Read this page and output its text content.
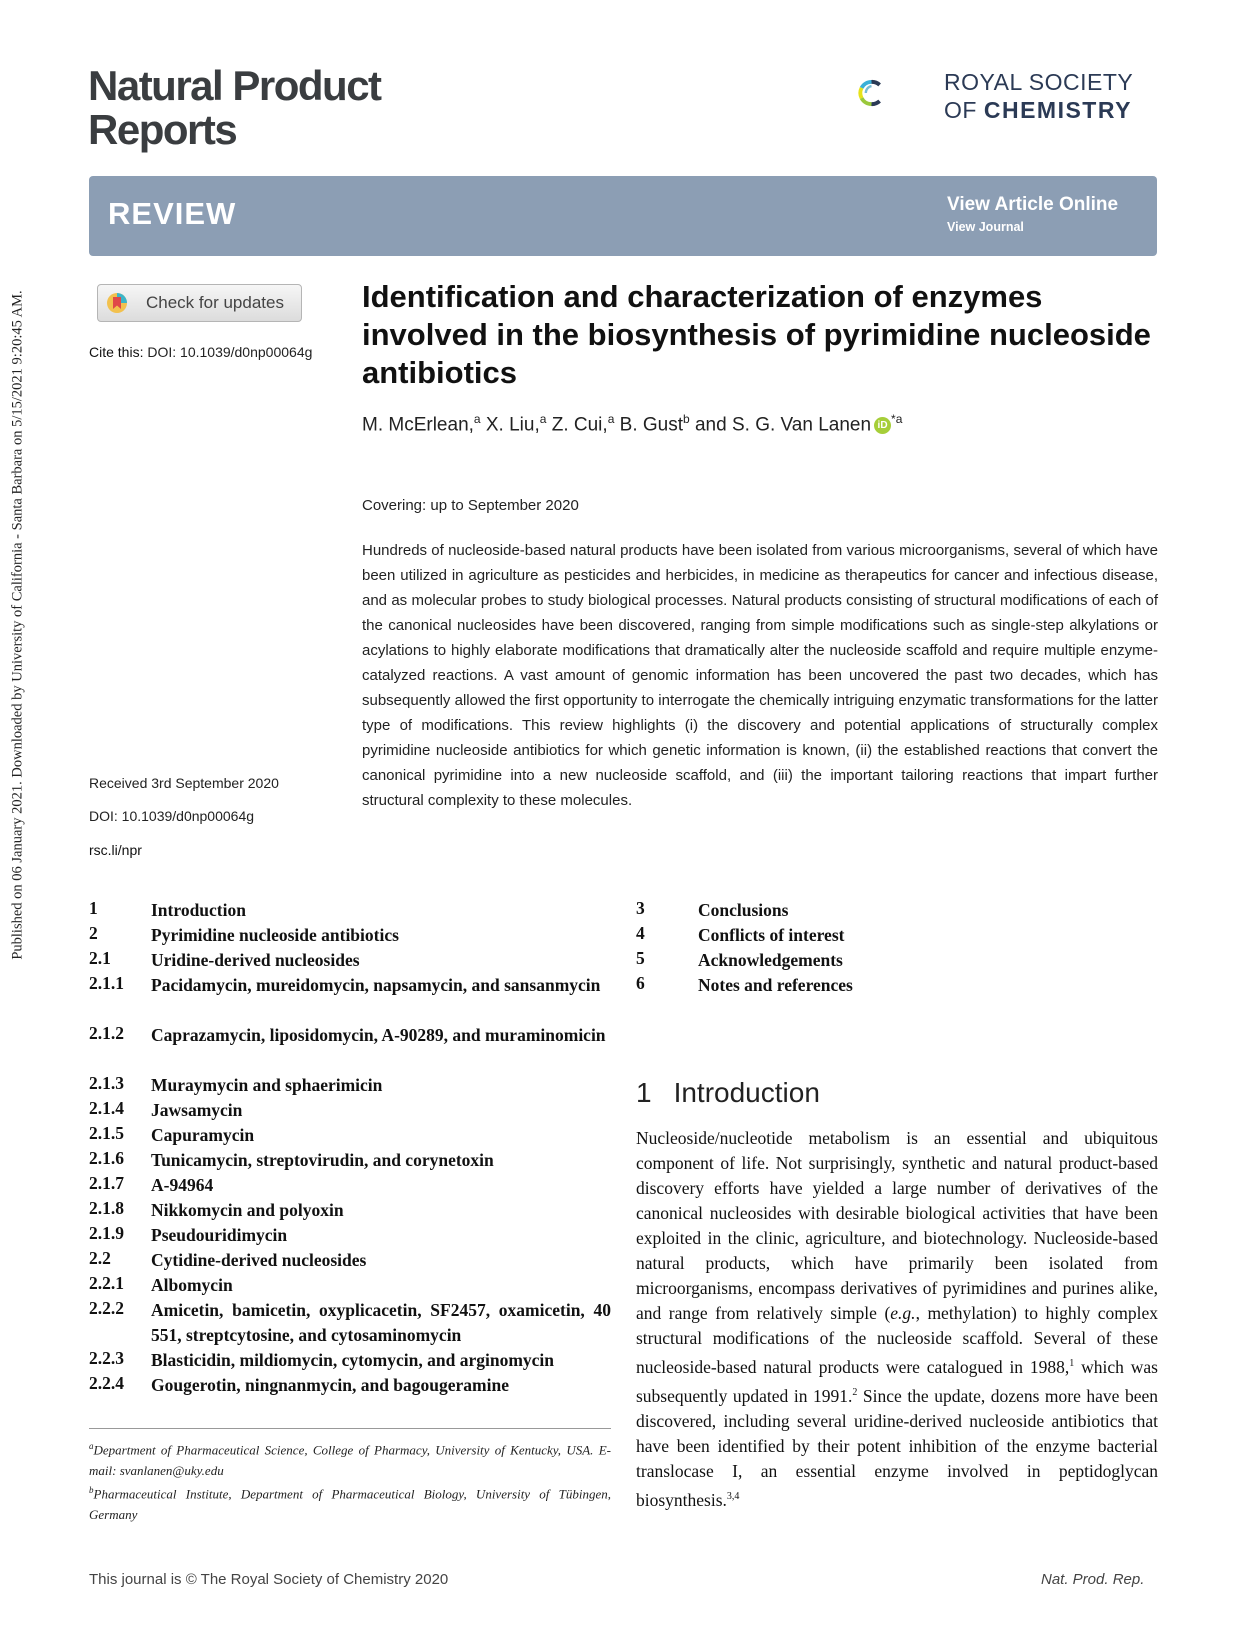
Published on 06 January 2021. Downloaded by University of California - Santa Barbara on 5/15/2021 9:20:45 AM.
Natural Product
Reports
ROYAL SOCIETY
OF CHEMISTRY
REVIEW	View Article Online
View Journal
Check for updates
Cite this: DOI: 10.1039/d0np00064g
Identification and characterization of enzymes involved in the biosynthesis of pyrimidine nucleoside antibiotics
M. McErlean,$^a$ X. Liu,$^a$ Z. Cui,$^a$ B. Gust$^b$ and S. G. Van Lanen iD $^{*a}$
Covering: up to September 2020
Hundreds of nucleoside-based natural products have been isolated from various microorganisms, several of which have been utilized in agriculture as pesticides and herbicides, in medicine as therapeutics for cancer and infectious disease, and as molecular probes to study biological processes. Natural products consisting of structural modifications of each of the canonical nucleosides have been discovered, ranging from simple modifications such as single-step alkylations or acylations to highly elaborate modifications that dramatically alter the nucleoside scaffold and require multiple enzyme-catalyzed reactions. A vast amount of genomic information has been uncovered the past two decades, which has subsequently allowed the first opportunity to interrogate the chemically intriguing enzymatic transformations for the latter type of modifications. This review highlights (i) the discovery and potential applications of structurally complex pyrimidine nucleoside antibiotics for which genetic information is known, (ii) the established reactions that convert the canonical pyrimidine into a new nucleoside scaffold, and (iii) the important tailoring reactions that impart further structural complexity to these molecules.
Received 3rd September 2020
DOI: 10.1039/d0np00064g
rsc.li/npr
1	Introduction
2	Pyrimidine nucleoside antibiotics
2.1	Uridine-derived nucleosides
2.1.1	Pacidamycin, mureidomycin, napsamycin, and sansanmycin
2.1.2	Caprazamycin, liposidomycin, A-90289, and muraminomicin
2.1.3	Muraymycin and sphaerimicin
2.1.4	Jawsamycin
2.1.5	Capuramycin
2.1.6	Tunicamycin, streptovirudin, and corynetoxin
2.1.7	A-94964
2.1.8	Nikkomycin and polyoxin
2.1.9	Pseudouridimycin
2.2	Cytidine-derived nucleosides
2.2.1	Albomycin
2.2.2	Amicetin, bamicetin, oxyplicacetin, SF2457, oxamicetin, 40 551, streptcytosine, and cytosaminomycin
2.2.3	Blasticidin, mildiomycin, cytomycin, and arginomycin
2.2.4	Gougerotin, ningnanmycin, and bagougeramine
3	Conclusions
4	Conflicts of interest
5	Acknowledgements
6	Notes and references
$^a$Department of Pharmaceutical Science, College of Pharmacy, University of Kentucky, USA. E-mail: svanlanen@uky.edu
$^b$Pharmaceutical Institute, Department of Pharmaceutical Biology, University of Tübingen, Germany
1 Introduction
Nucleoside/nucleotide metabolism is an essential and ubiquitous component of life. Not surprisingly, synthetic and natural product-based discovery efforts have yielded a large number of derivatives of the canonical nucleosides with desirable biological activities that have been exploited in the clinic, agriculture, and biotechnology. Nucleoside-based natural products, which have primarily been isolated from microorganisms, encompass derivatives of pyrimidines and purines alike, and range from relatively simple (e.g., methylation) to highly complex structural modifications of the nucleoside scaffold. Several of these nucleoside-based natural products were catalogued in 1988,$^1$ which was subsequently updated in 1991.$^2$ Since the update, dozens more have been discovered, including several uridine-derived nucleoside antibiotics that have been identified by their potent inhibition of the enzyme bacterial translocase I, an essential enzyme involved in peptidoglycan biosynthesis.$^{3,4}$
This journal is © The Royal Society of Chemistry 2020	Nat. Prod. Rep.
